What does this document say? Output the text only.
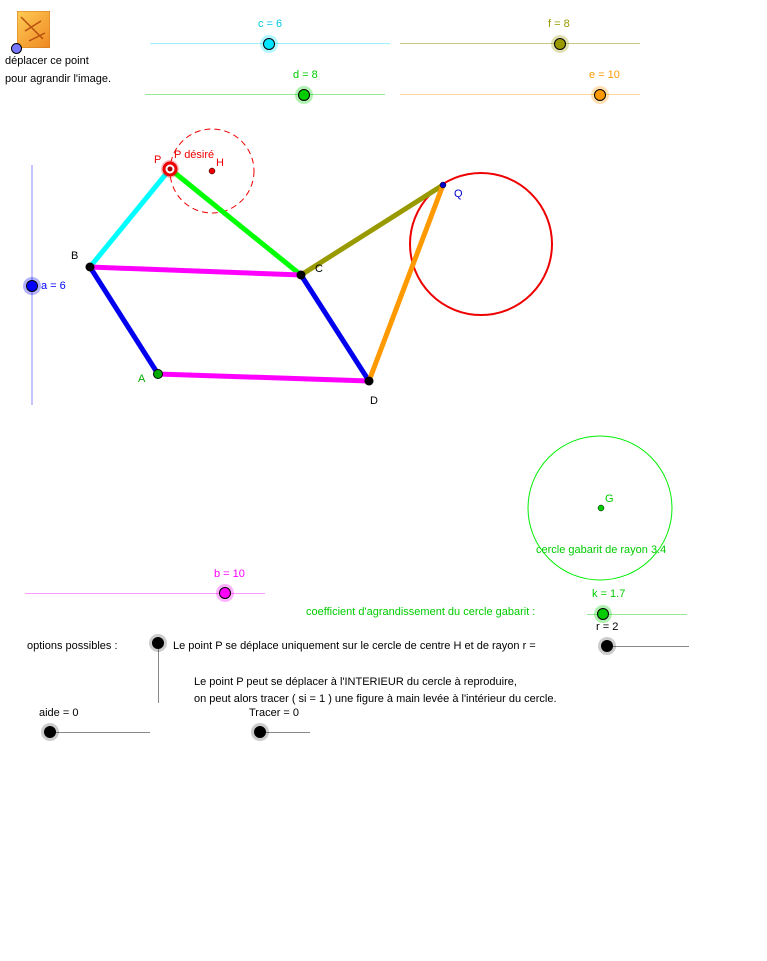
déplacer ce point
pour agrandir l'image.
c = 6	f = 8
d = 8	e = 10
B
C
D
A
P	H
P désiré
Q
G
cercle gabarit de rayon 3.4
a = 6
b = 10
coefficient d'agrandissement du cercle gabarit :
k = 1.7
options possibles :	Le point P se déplace uniquement sur le cercle de centre H et de rayon r =
r = 2
Le point P peut se déplacer à l'INTERIEUR du cercle à reproduire,
on peut alors tracer ( si = 1 ) une figure à main levée à l'intérieur du cercle.
aide = 0	Tracer = 0
